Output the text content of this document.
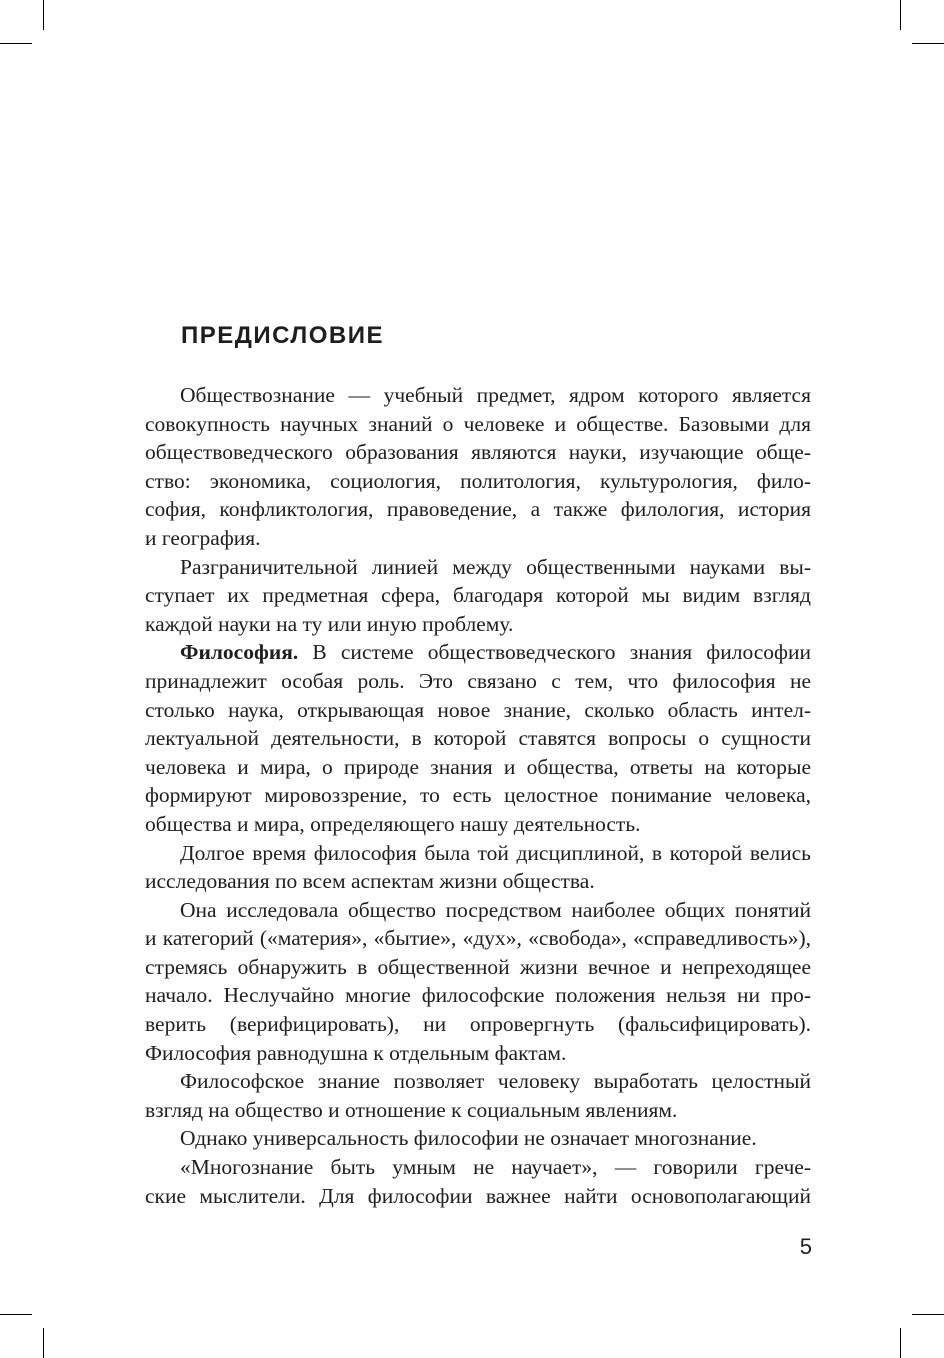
ПРЕДИСЛОВИЕ

Обществознание — учебный предмет, ядром которого является
совокупность научных знаний о человеке и обществе. Базовыми для
обществоведческого образования являются науки, изучающие обще-
ство: экономика, социология, политология, культурология, фило-
софия, конфликтология, правоведение, а также филология, история
и география.

Разграничительной линией между общественными науками вы-
ступает их предметная сфера, благодаря которой мы видим взгляд
каждой науки на ту или иную проблему.

Философия. В системе обществоведческого знания философии
принадлежит особая роль. Это связано с тем, что философия не
столько наука, открывающая новое знание, сколько область интел-
лектуальной деятельности, в которой ставятся вопросы о сущности
человека и мира, о природе знания и общества, ответы на которые
формируют мировоззрение, то есть целостное понимание человека,
общества и мира, определяющего нашу деятельность.

Долгое время философия была той дисциплиной, в которой велись
исследования по всем аспектам жизни общества.

Она исследовала общество посредством наиболее общих понятий
и категорий («материя», «бытие», «дух», «свобода», «справедливость»),
стремясь обнаружить в общественной жизни вечное и непреходящее
начало. Неслучайно многие философские положения нельзя ни про-
верить (верифицировать), ни опровергнуть (фальсифицировать).
Философия равнодушна к отдельным фактам.

Философское знание позволяет человеку выработать целостный
взгляд на общество и отношение к социальным явлениям.

Однако универсальность философии не означает многознание.

«Многознание быть умным не научает», — говорили грече-
ские мыслители. Для философии важнее найти основополагающий

5
